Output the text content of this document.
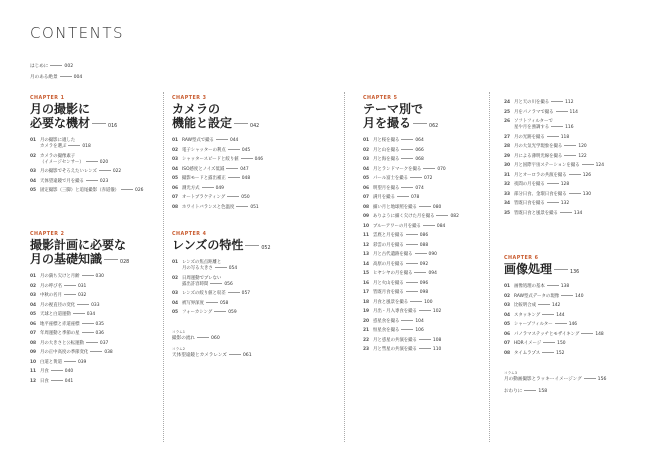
CONTENTS
はじめに	002
月のある絶景	004
CHAPTER 1
月の撮影に
必要な機材	016
01 月の撮影に適した
カメラを選ぶ	018
02 カメラの撮像素子
（イメージセンサー）	020
03 月の撮影でそろえたいレンズ	022
04 天体望遠鏡で月を撮る	023
05 固定撮影（三脚）と追尾撮影（赤道儀）	026
CHAPTER 2
撮影計画に必要な
月の基礎知識	028
01 月の満ち欠けと月齢	030
02 月の呼び名	031
03 中秋の名月	032
04 月の視直径の変化	033
05 天球と白道運動	034
06 地平座標と赤道座標	035
07 年周運動と季節の星	036
08 月の大きさと公転運動	037
09 月の正中高度の季節変化	038
10 白道と黄道	039
11 月食	040
12 日食	041
CHAPTER 3
カメラの
機能と設定	042
01 RAW型式で撮る	044
02 電子シャッターの利点	045
03 シャッタースピードと絞り値	046
04 ISO感度とノイズ低減	047
05 撮影モードと露出補正	048
06 測光方式	049
07 オートブラケティング	050
08 ホワイトバランスと色温度	051
CHAPTER 4
レンズの特性	052
01 レンズの焦点距離と
月の写る大きさ	054
02 日周運動でブレない
露出許容時間	056
03 レンズの絞り値と収差	057
04 被写界深度	058
05 フォーカシング	059
コラム1
撮影の流れ	060
コラム2
天体望遠鏡とカメラレンズ	061
CHAPTER 5
テーマ別で
月を撮る	062
01 月と桜を撮る	064
02 月と山を撮る	066
03 月と海を撮る	068
04 月とランドマークを撮る	070
05 パール富士を撮る	072
06 明望月を撮る	074
07 满月を撮る	078
08 細い月と地球照を撮る	080
09 ありように細く欠けた月を撮る	082
10 ブルーアワーの月を撮る	084
11 雲底と月を撮る	086
12 彩雲の月を撮る	088
13 月と古代遺跡を撮る	090
14 高原の月を撮る	092
15 ヒヤシヤの月を撮る	094
16 月と火山を撮る	096
17 皆既月食を撮る	098
18 月食と風景を撮る	100
19 月出・月入専食を撮る	102
20 惑星食を撮る	104
21 恒星食を撮る	106
22 月と惑星の共演を撮る	108
23 月と彗星の共演を撮る	110
24 月と天の川を撮る	112
25 月をパノラマで撮る	114
26 ソフトフィルターで
星や月を強調する	116
27 月の光跡を撮る	118
28 月の大気光学現象を撮る	120
29 月による薄明光線を撮る	122
30 月と国際宇宙ステーションを撮る	124
31 月とオーロラの共演を撮る	126
32 夜間の月を撮る	128
33 部分日食、金環日食を撮る	130
34 皆既日食を撮る	132
35 皆既日食と風景を撮る	134
CHAPTER 6
画像処理	136
01 画像処理の基本	138
02 RAW型式データの現像	140
03 比較明合成	142
04 スタッキング	144
05 シャープフィルター	146
06 パノラマステッチとモザイキング	148
07 HDRイメージ	150
08 タイムラプス	152
コラム3
月の動画撮影とラッキーイメージング	156
おわりに	158
